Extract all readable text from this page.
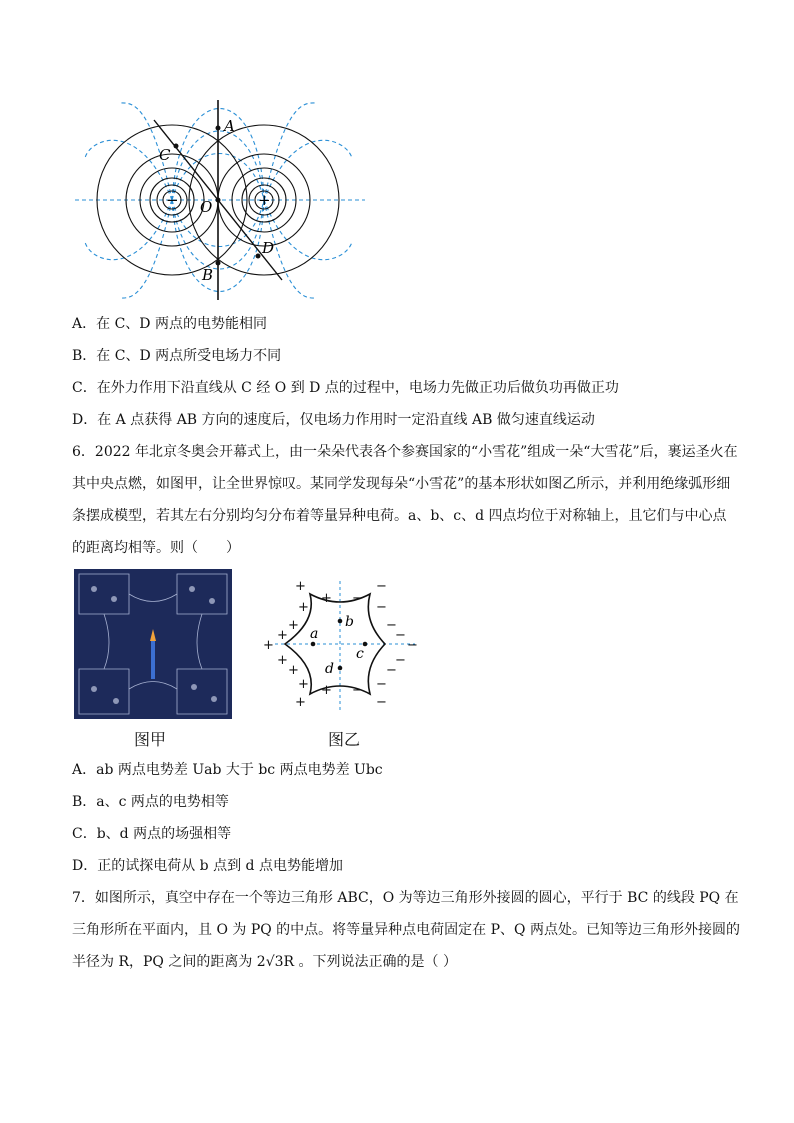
A
B
C
D
O
−	+
A．在 C、D 两点的电势能相同
B．在 C、D 两点所受电场力不同
C．在外力作用下沿直线从 C 经 O 到 D 点的过程中，电场力先做正功后做负功再做正功
D．在 A 点获得 AB 方向的速度后，仅电场力作用时一定沿直线 AB 做匀速直线运动
6．2022 年北京冬奥会开幕式上，由一朵朵代表各个参赛国家的“小雪花”组成一朵“大雪花”后，裹运圣火在
其中央点燃，如图甲，让全世界惊叹。某同学发现每朵“小雪花”的基本形状如图乙所示，并利用绝缘弧形细
条摆成模型，若其左右分别均匀分布着等量异种电荷。a、b、c、d 四点均位于对称轴上，且它们与中心点
的距离均相等。则（　　）
图甲
+
+
+
+
+
+
+
+
+
+
+
−
−
−
−
−
−
−
−
−
−
−
a
b
c
d
图乙
A．ab 两点电势差 Uab 大于 bc 两点电势差 Ubc
B．a、c 两点的电势相等
C．b、d 两点的场强相等
D．正的试探电荷从 b 点到 d 点电势能增加
7．如图所示，真空中存在一个等边三角形 ABC，O 为等边三角形外接圆的圆心，平行于 BC 的线段 PQ 在
三角形所在平面内，且 O 为 PQ 的中点。将等量异种点电荷固定在 P、Q 两点处。已知等边三角形外接圆的
半径为 R，PQ 之间的距离为 2√3R 。下列说法正确的是（ ）
